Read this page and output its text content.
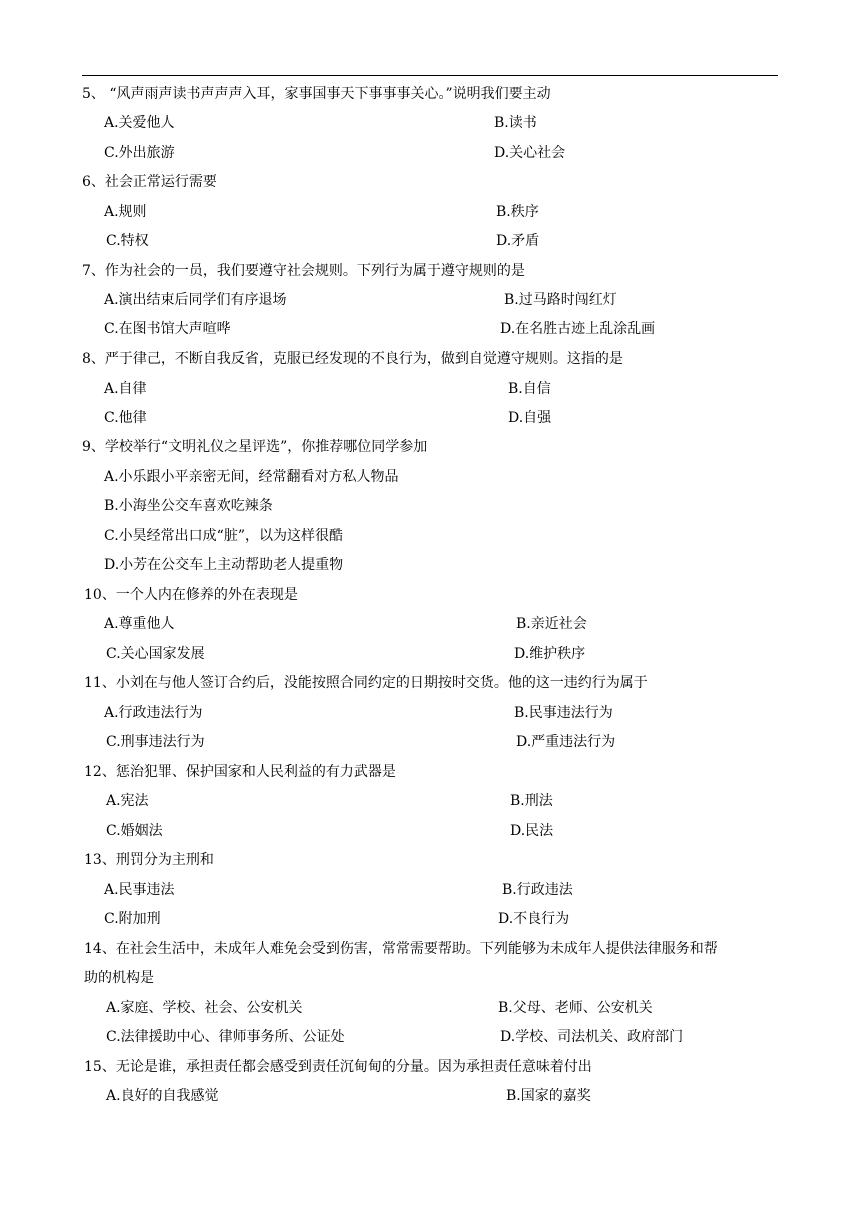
5、 “风声雨声读书声声声入耳，家事国事天下事事事关心。”说明我们要主动
A.关爱他人	B.读书
C.外出旅游	D.关心社会
6、社会正常运行需要
A.规则	B.秩序
C.特权	D.矛盾
7、作为社会的一员，我们要遵守社会规则。下列行为属于遵守规则的是
A.演出结束后同学们有序退场	B.过马路时闯红灯
C.在图书馆大声喧哗	D.在名胜古迹上乱涂乱画
8、严于律己，不断自我反省，克服已经发现的不良行为，做到自觉遵守规则。这指的是
A.自律	B.自信
C.他律	D.自强
9、学校举行“文明礼仪之星评选”，你推荐哪位同学参加
A.小乐跟小平亲密无间，经常翻看对方私人物品
B.小海坐公交车喜欢吃辣条
C.小昊经常出口成“脏”，以为这样很酷
D.小芳在公交车上主动帮助老人提重物
10、一个人内在修养的外在表现是
A.尊重他人	B.亲近社会
C.关心国家发展	D.维护秩序
11、小刘在与他人签订合约后，没能按照合同约定的日期按时交货。他的这一违约行为属于
A.行政违法行为	B.民事违法行为
C.刑事违法行为	D.严重违法行为
12、惩治犯罪、保护国家和人民利益的有力武器是
A.宪法	B.刑法
C.婚姻法	D.民法
13、刑罚分为主刑和
A.民事违法	B.行政违法
C.附加刑	D.不良行为
14、在社会生活中，未成年人难免会受到伤害，常常需要帮助。下列能够为未成年人提供法律服务和帮
助的机构是
A.家庭、学校、社会、公安机关	B.父母、老师、公安机关
C.法律援助中心、律师事务所、公证处	D.学校、司法机关、政府部门
15、无论是谁，承担责任都会感受到责任沉甸甸的分量。因为承担责任意味着付出
A.良好的自我感觉	B.国家的嘉奖
